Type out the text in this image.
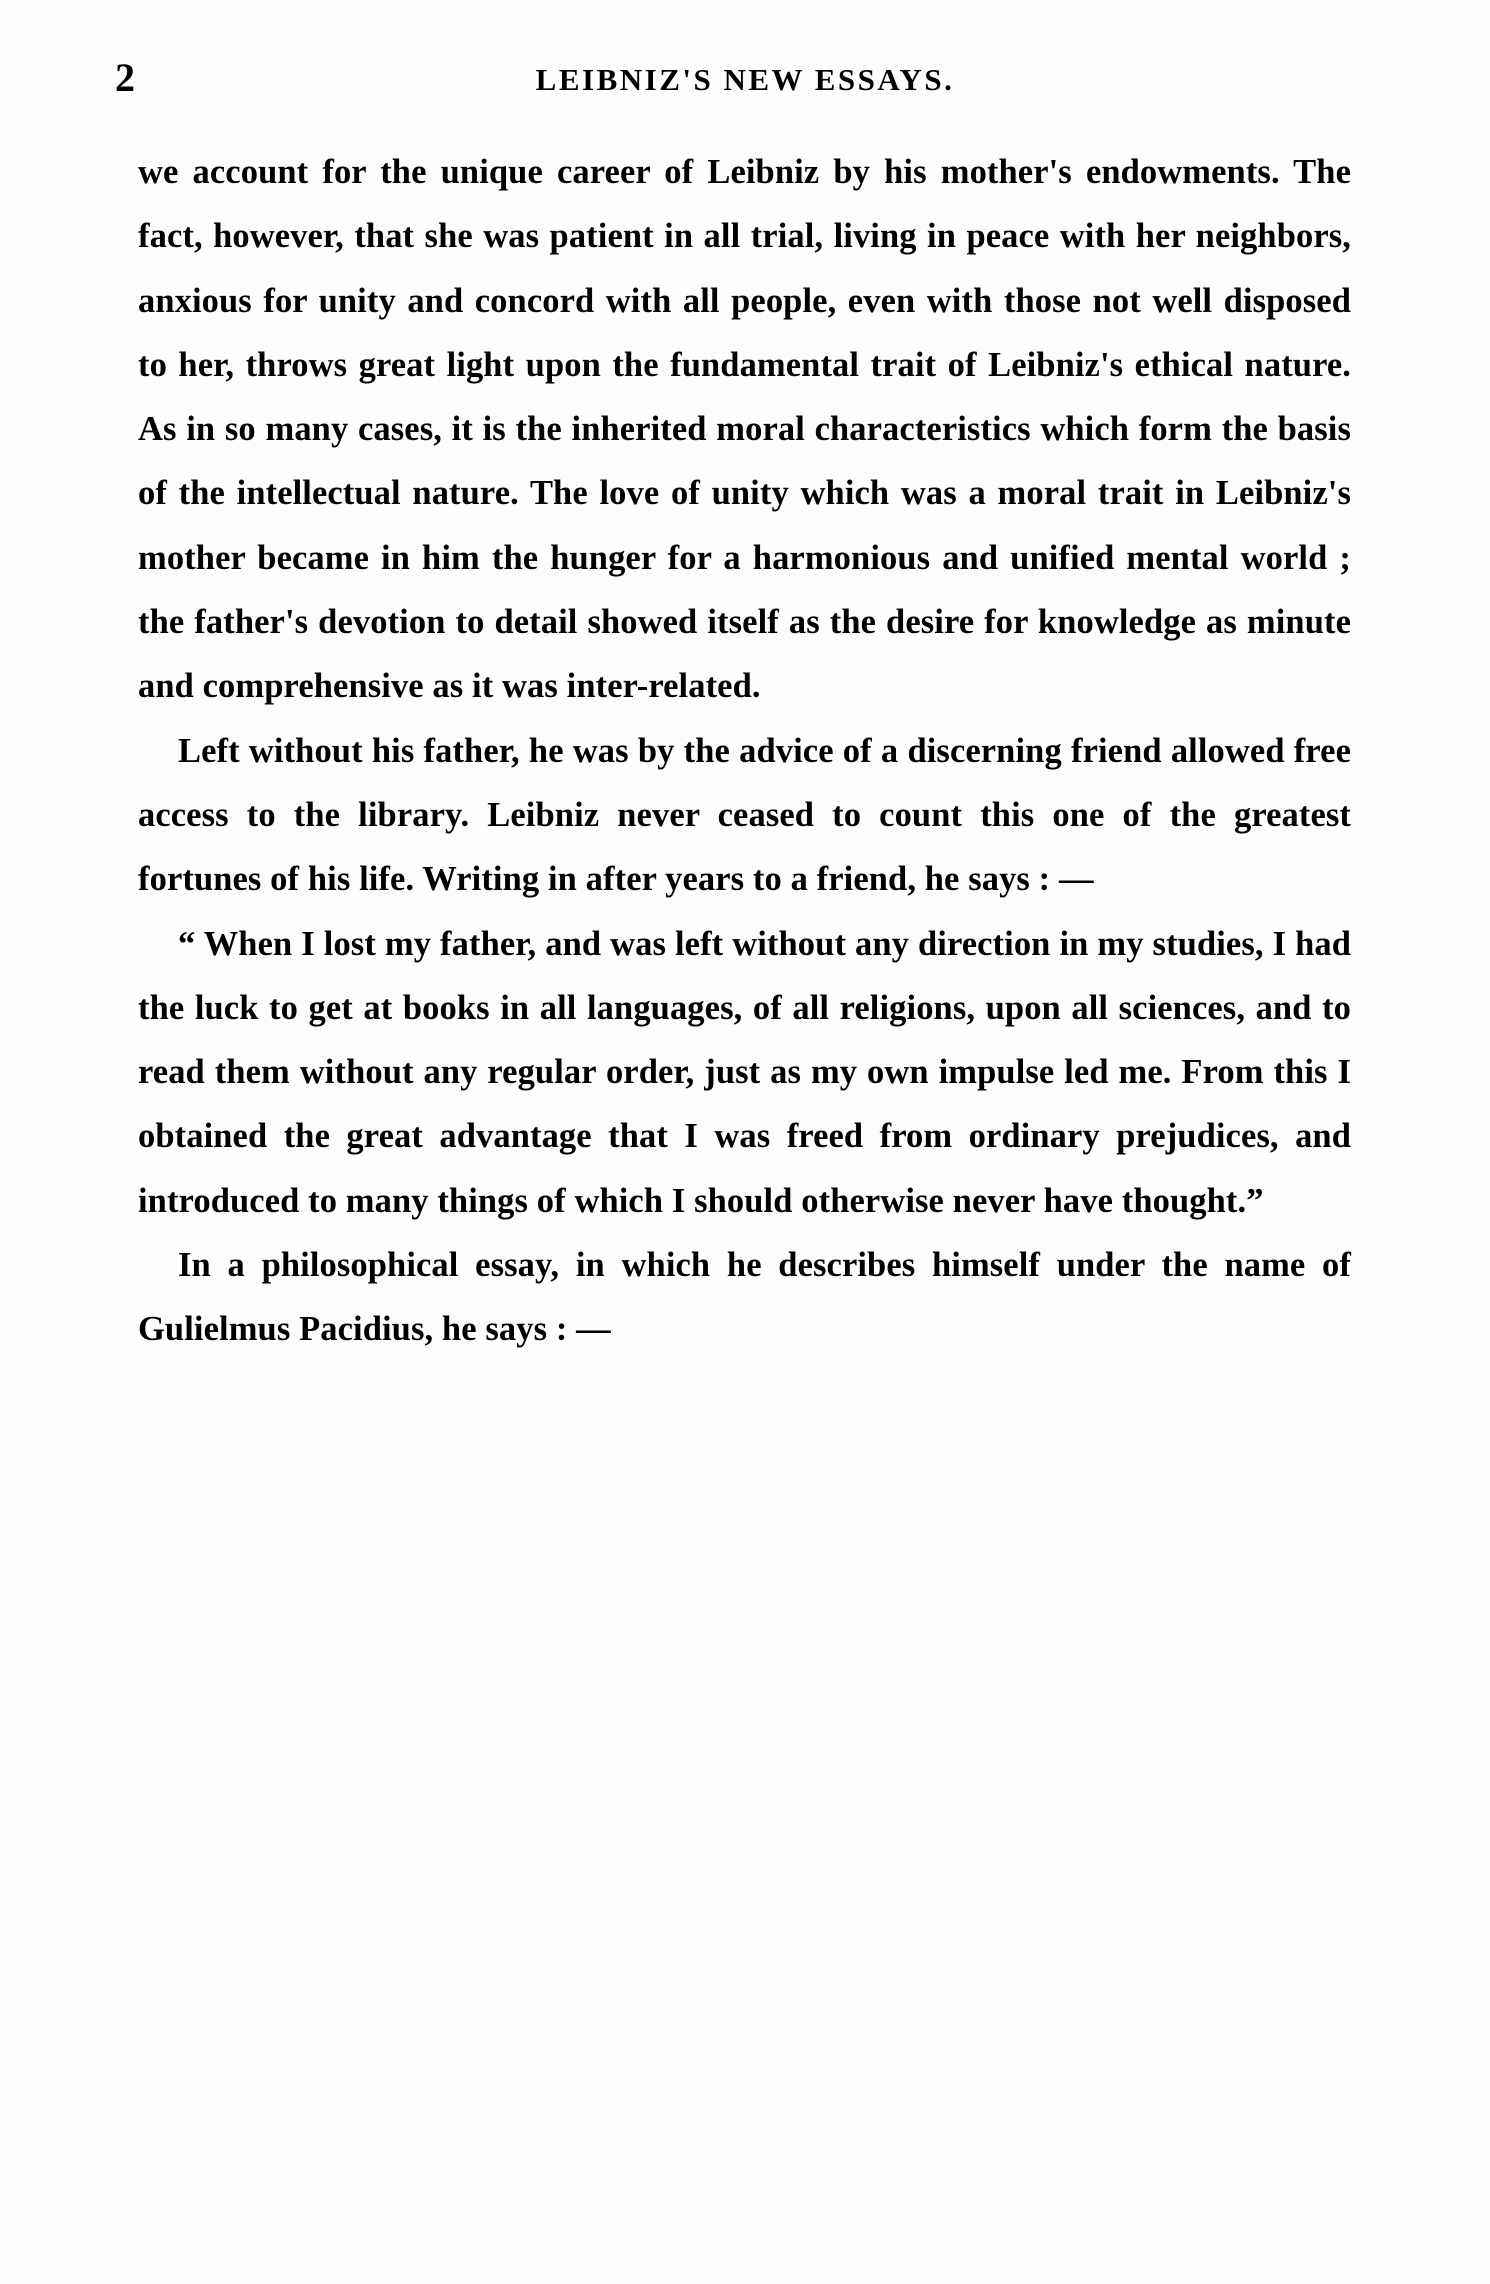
2	LEIBNIZ'S NEW ESSAYS.

we account for the unique career of Leibniz by his mother's endowments. The fact, however, that she was patient in all trial, living in peace with her neighbors, anxious for unity and concord with all people, even with those not well disposed to her, throws great light upon the fundamental trait of Leibniz's ethical nature. As in so many cases, it is the inherited moral characteristics which form the basis of the intellectual nature. The love of unity which was a moral trait in Leibniz's mother became in him the hunger for a harmonious and unified mental world ; the father's devotion to detail showed itself as the desire for knowledge as minute and comprehensive as it was inter-related.

Left without his father, he was by the advice of a discerning friend allowed free access to the library. Leibniz never ceased to count this one of the greatest fortunes of his life. Writing in after years to a friend, he says : —

“ When I lost my father, and was left without any direction in my studies, I had the luck to get at books in all languages, of all religions, upon all sciences, and to read them without any regular order, just as my own impulse led me. From this I obtained the great advantage that I was freed from ordinary prejudices, and introduced to many things of which I should otherwise never have thought.”

In a philosophical essay, in which he describes himself under the name of Gulielmus Pacidius, he says : —
